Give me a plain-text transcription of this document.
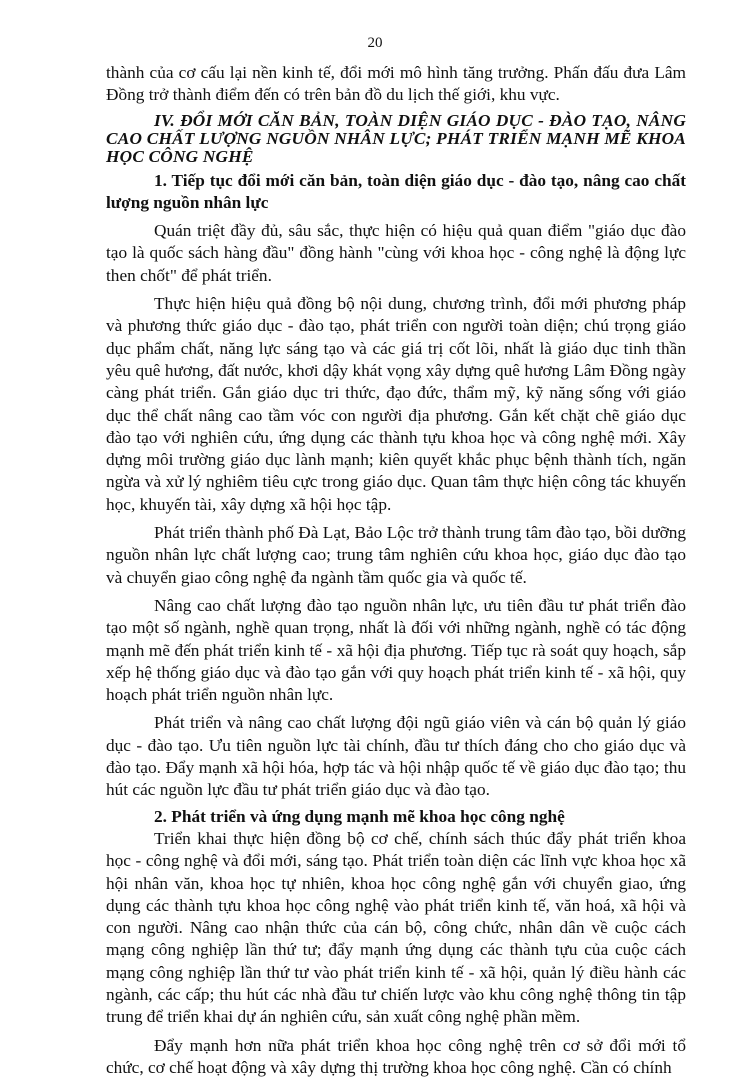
20

thành của cơ cấu lại nền kinh tế, đổi mới mô hình tăng trưởng. Phấn đấu đưa Lâm Đồng trở thành điểm đến có trên bản đồ du lịch thế giới, khu vực.

IV. ĐỔI MỚI CĂN BẢN, TOÀN DIỆN GIÁO DỤC - ĐÀO TẠO, NÂNG CAO CHẤT LƯỢNG NGUỒN NHÂN LỰC; PHÁT TRIỂN MẠNH MẼ KHOA HỌC CÔNG NGHỆ

1. Tiếp tục đổi mới căn bản, toàn diện giáo dục - đào tạo, nâng cao chất lượng nguồn nhân lực

Quán triệt đầy đủ, sâu sắc, thực hiện có hiệu quả quan điểm "giáo dục đào tạo là quốc sách hàng đầu" đồng hành "cùng với khoa học - công nghệ là động lực then chốt" để phát triển.

Thực hiện hiệu quả đồng bộ nội dung, chương trình, đổi mới phương pháp và phương thức giáo dục - đào tạo, phát triển con người toàn diện; chú trọng giáo dục phẩm chất, năng lực sáng tạo và các giá trị cốt lõi, nhất là giáo dục tinh thần yêu quê hương, đất nước, khơi dậy khát vọng xây dựng quê hương Lâm Đồng ngày càng phát triển. Gắn giáo dục tri thức, đạo đức, thẩm mỹ, kỹ năng sống với giáo dục thể chất nâng cao tầm vóc con người địa phương. Gắn kết chặt chẽ giáo dục đào tạo với nghiên cứu, ứng dụng các thành tựu khoa học và công nghệ mới. Xây dựng môi trường giáo dục lành mạnh; kiên quyết khắc phục bệnh thành tích, ngăn ngừa và xử lý nghiêm tiêu cực trong giáo dục. Quan tâm thực hiện công tác khuyến học, khuyến tài, xây dựng xã hội học tập.

Phát triển thành phố Đà Lạt, Bảo Lộc trở thành trung tâm đào tạo, bồi dưỡng nguồn nhân lực chất lượng cao; trung tâm nghiên cứu khoa học, giáo dục đào tạo và chuyển giao công nghệ đa ngành tầm quốc gia và quốc tế.

Nâng cao chất lượng đào tạo nguồn nhân lực, ưu tiên đầu tư phát triển đào tạo một số ngành, nghề quan trọng, nhất là đối với những ngành, nghề có tác động mạnh mẽ đến phát triển kinh tế - xã hội địa phương. Tiếp tục rà soát quy hoạch, sắp xếp hệ thống giáo dục và đào tạo gắn với quy hoạch phát triển kinh tế - xã hội, quy hoạch phát triển nguồn nhân lực.

Phát triển và nâng cao chất lượng đội ngũ giáo viên và cán bộ quản lý giáo dục - đào tạo. Ưu tiên nguồn lực tài chính, đầu tư thích đáng cho cho giáo dục và đào tạo. Đẩy mạnh xã hội hóa, hợp tác và hội nhập quốc tế về giáo dục đào tạo; thu hút các nguồn lực đầu tư phát triển giáo dục và đào tạo.

2. Phát triển và ứng dụng mạnh mẽ khoa học công nghệ

Triển khai thực hiện đồng bộ cơ chế, chính sách thúc đẩy phát triển khoa học - công nghệ và đổi mới, sáng tạo. Phát triển toàn diện các lĩnh vực khoa học xã hội nhân văn, khoa học tự nhiên, khoa học công nghệ gắn với chuyển giao, ứng dụng các thành tựu khoa học công nghệ vào phát triển kinh tế, văn hoá, xã hội và con người. Nâng cao nhận thức của cán bộ, công chức, nhân dân về cuộc cách mạng công nghiệp lần thứ tư; đẩy mạnh ứng dụng các thành tựu của cuộc cách mạng công nghiệp lần thứ tư vào phát triển kinh tế - xã hội, quản lý điều hành các ngành, các cấp; thu hút các nhà đầu tư chiến lược vào khu công nghệ thông tin tập trung để triển khai dự án nghiên cứu, sản xuất công nghệ phần mềm.

Đẩy mạnh hơn nữa phát triển khoa học công nghệ trên cơ sở đổi mới tổ chức, cơ chế hoạt động và xây dựng thị trường khoa học công nghệ. Cần có chính
